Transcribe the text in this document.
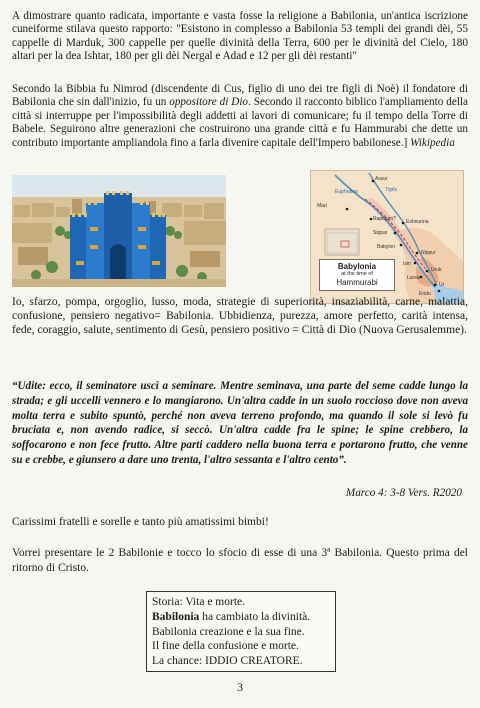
A dimostrare quanto radicata, importante e vasta fosse la religione a Babilonia, un'antica iscrizione cuneiforme stilava questo rapporto: "Esistono in complesso a Babilonia 53 templi dei grandi dèi, 55 cappelle di Marduk, 300 cappelle per quelle divinità della Terra, 600 per le divinità del Cielo, 180 altari per la dea Ishtar, 180 per gli dèi Nergal e Adad e 12 per gli dèi restanti"

Secondo la Bibbia fu Nimrod (discendente di Cus, figlio di uno dei tre figli di Noè) il fondatore di Babilonia che sin dall'inizio, fu un oppositore di Dio. Secondo il racconto biblico l'ampliamento della città si interruppe per l'impossibilità degli addetti ai lavori di comunicare; fu il tempo della Torre di Babele. Seguirono altre generazioni che costruirono una grande città e fu Hammurabi che dette un contributo importante ampliandola fino a farla divenire capitale dell'Impero babilonese.] Wikipedia

Assur
Mari
Rapiqum? Eshnunna
Sippar
Babylon
Nippur
Isin
Uruk
Larsa
Ur
Eridu
Tigris
Euphrates
Babylonia
at the time of
Hammurabi

Io, sfarzo, pompa, orgoglio, lusso, moda, strategie di superiorità, insaziabilità, carne, malattia, confusione, pensiero negativo= Babilonia. Ubbidienza, purezza, amore perfetto, carità intensa, fede, coraggio, salute, sentimento di Gesù, pensiero positivo = Città di Dio (Nuova Gerusalemme).

“Udite: ecco, il seminatore uscì a seminare. Mentre seminava, una parte del seme cadde lungo la strada; e gli uccelli vennero e lo mangiarono. Un'altra cadde in un suolo roccioso dove non aveva molta terra e subito spuntò, perché non aveva terreno profondo, ma quando il sole si levò fu bruciata e, non avendo radice, si seccò. Un'altra cadde fra le spine; le spine crebbero, la soffocarono e non fece frutto. Altre parti caddero nella buona terra e portarono frutto, che venne su e crebbe, e giunsero a dare uno trenta, l'altro sessanta e l'altro cento”.

Marco 4: 3-8 Vers. R2020

Carissimi fratelli e sorelle e tanto più amatissimi bimbi!

Vorrei presentare le 2 Babilonie e tocco lo sfocio di esse di una 3ª Babilonia. Questo prima del ritorno di Cristo.

Storia: Vita e morte.
Babilonia ha cambiato la divinità.
Babilonia creazione e la sua fine.
Il fine della confusione e morte.
La chance: IDDIO CREATORE.
3
